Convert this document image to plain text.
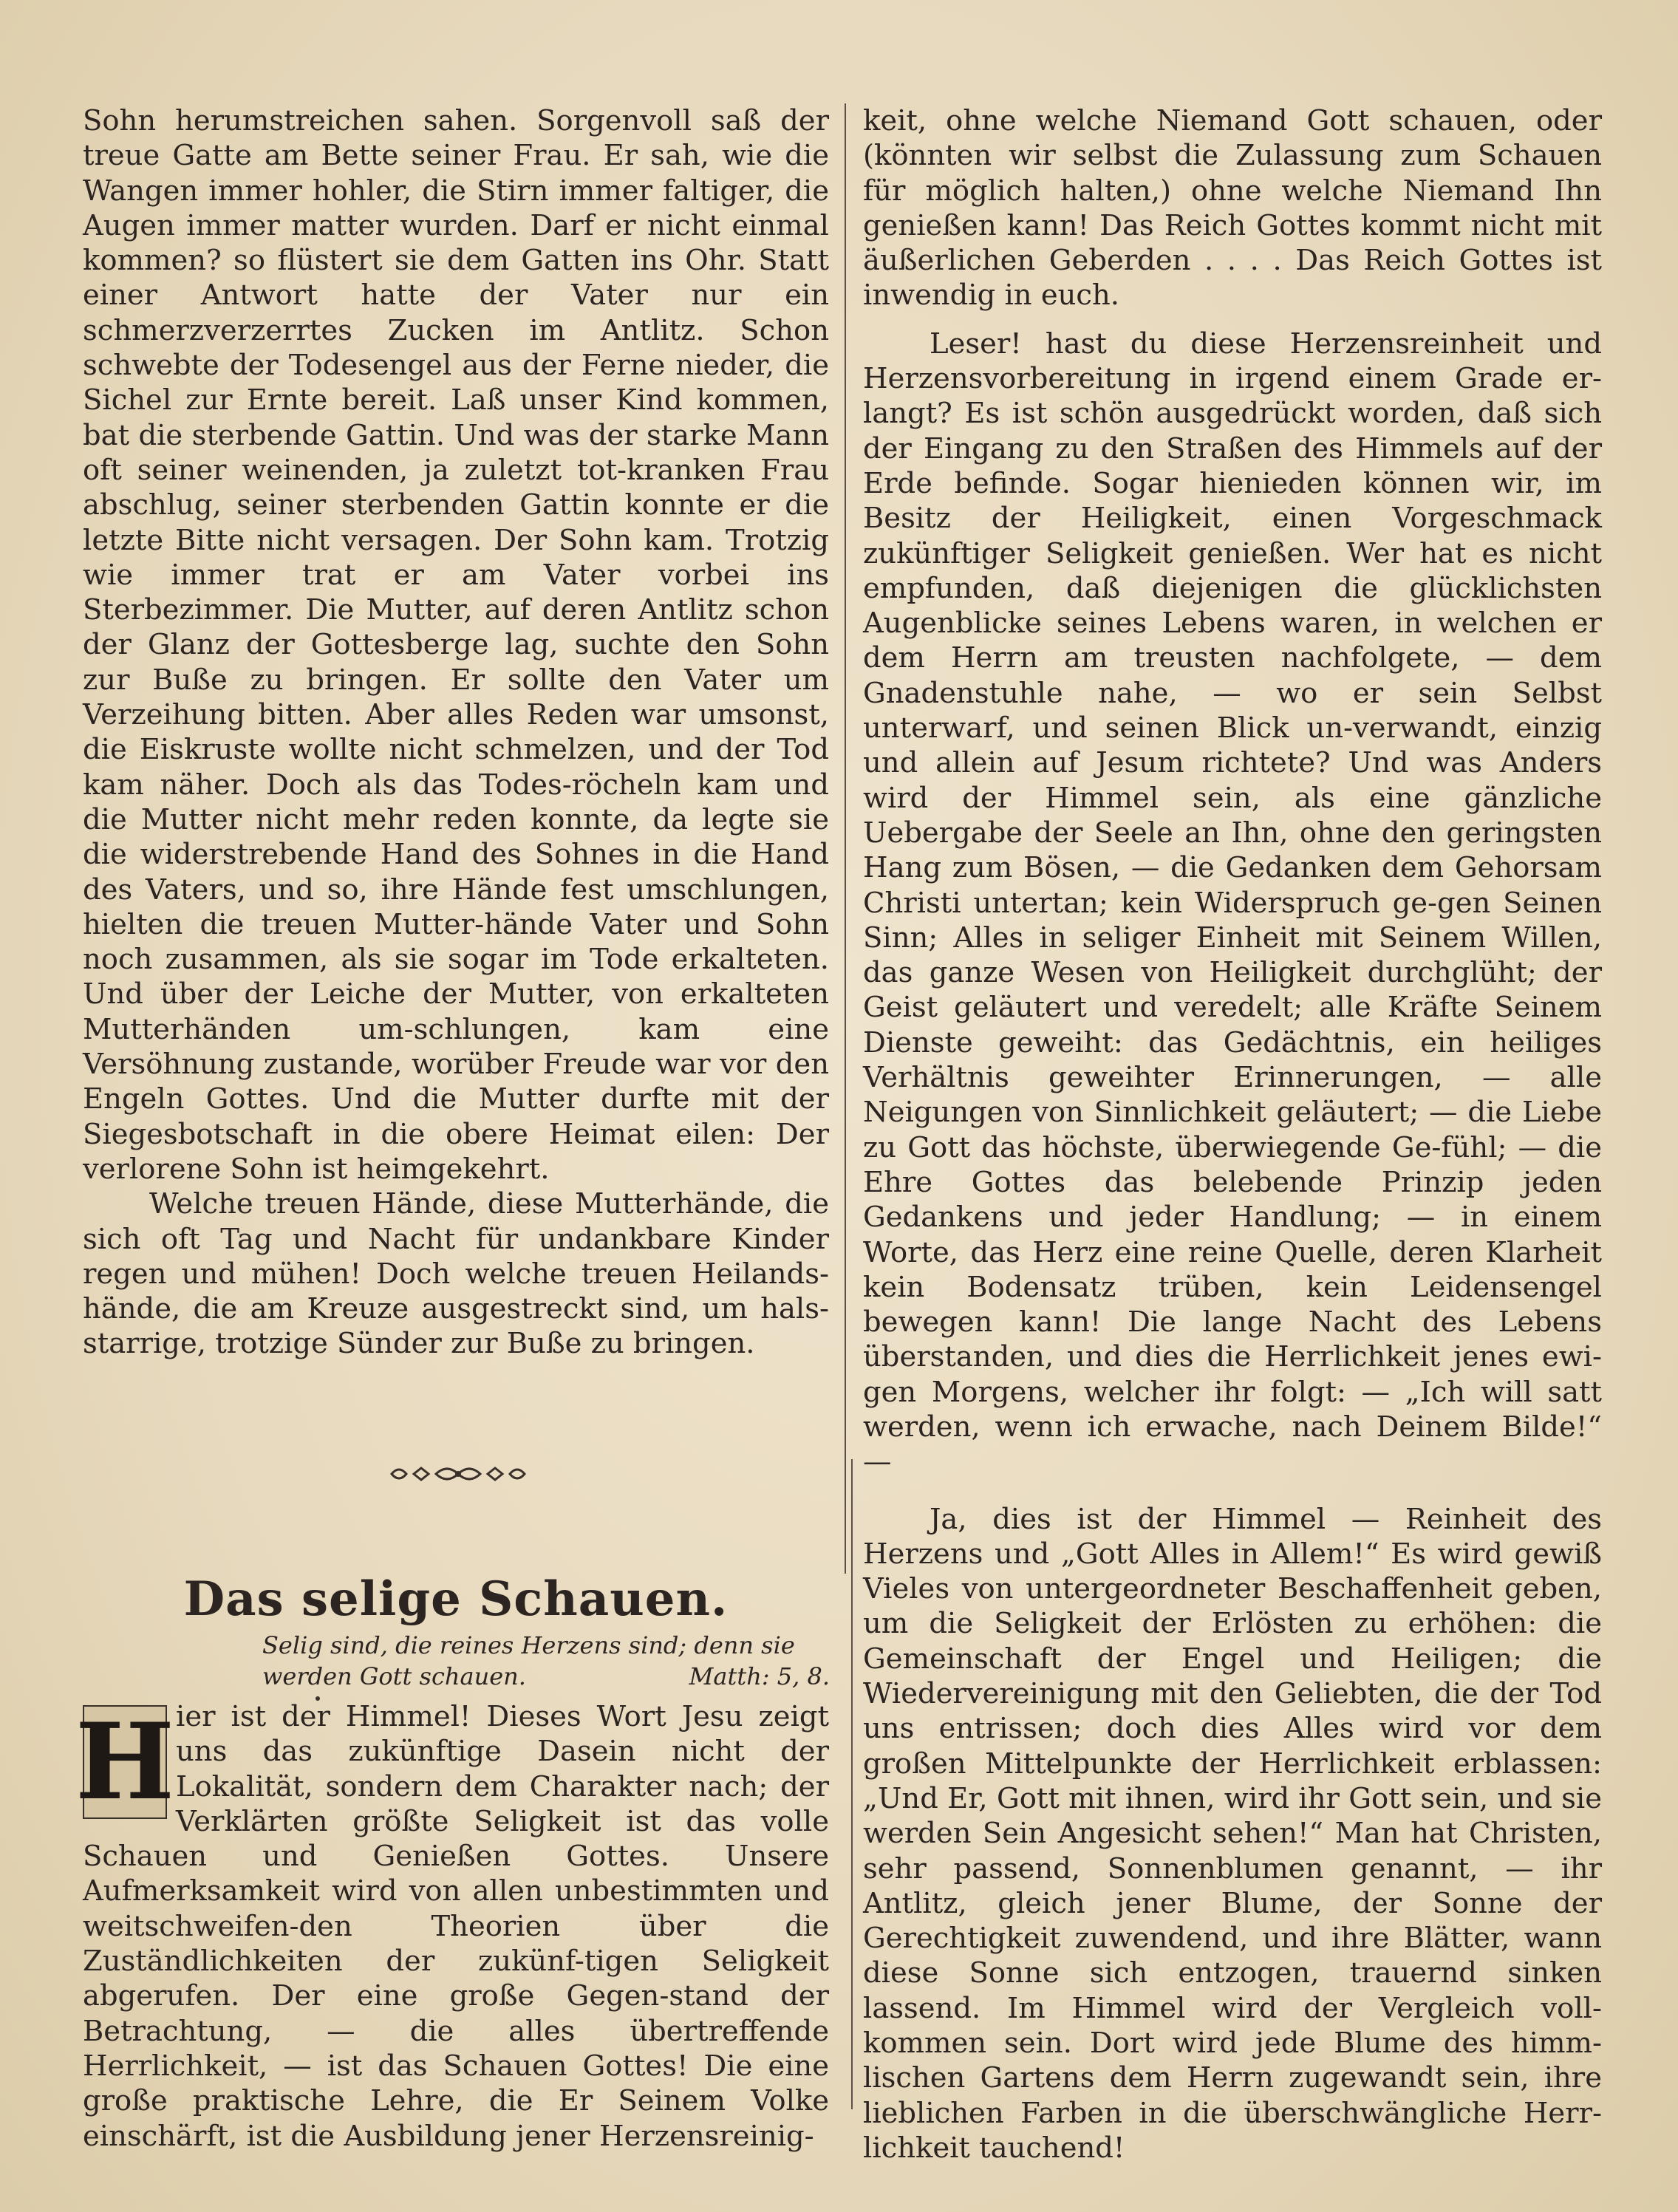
Sohn herumstreichen sahen. Sorgenvoll saß der treue Gatte am Bette seiner Frau. Er sah, wie die Wangen immer hohler, die Stirn immer faltiger, die Augen immer matter wurden. Darf er nicht einmal kommen? so flüstert sie dem Gatten ins Ohr. Statt einer Antwort hatte der Vater nur ein schmerzverzerrtes Zucken im Antlitz. Schon schwebte der Todesengel aus der Ferne nieder, die Sichel zur Ernte bereit. Laß unser Kind kommen, bat die sterbende Gattin. Und was der starke Mann oft seiner weinenden, ja zuletzt tot-kranken Frau abschlug, seiner sterbenden Gattin konnte er die letzte Bitte nicht versagen. Der Sohn kam. Trotzig wie immer trat er am Vater vorbei ins Sterbezimmer. Die Mutter, auf deren Antlitz schon der Glanz der Gottesberge lag, suchte den Sohn zur Buße zu bringen. Er sollte den Vater um Verzeihung bitten. Aber alles Reden war umsonst, die Eiskruste wollte nicht schmelzen, und der Tod kam näher. Doch als das Todes-röcheln kam und die Mutter nicht mehr reden konnte, da legte sie die widerstrebende Hand des Sohnes in die Hand des Vaters, und so, ihre Hände fest umschlungen, hielten die treuen Mutter-hände Vater und Sohn noch zusammen, als sie sogar im Tode erkalteten. Und über der Leiche der Mutter, von erkalteten Mutterhänden um-schlungen, kam eine Versöhnung zustande, worüber Freude war vor den Engeln Gottes. Und die Mutter durfte mit der Siegesbotschaft in die obere Heimat eilen: Der verlorene Sohn ist heimgekehrt.

Welche treuen Hände, diese Mutterhände, die sich oft Tag und Nacht für undankbare Kinder regen und mühen! Doch welche treuen Heilands-hände, die am Kreuze ausgestreckt sind, um hals-starrige, trotzige Sünder zur Buße zu bringen.

Das selige Schauen.
Selig sind, die reines Herzens sind; denn sie werden Gott schauen.	Matth: 5, 8.
H ier ist der Himmel! Dieses Wort Jesu zeigt uns das zukünftige Dasein nicht der Lokalität, sondern dem Charakter nach; der Verklärten größte Seligkeit ist das volle Schauen und Genießen Gottes. Unsere Aufmerksamkeit wird von allen unbestimmten und weitschweifen-den Theorien über die Zuständlichkeiten der zukünf-tigen Seligkeit abgerufen. Der eine große Gegen-stand der Betrachtung, — die alles übertreffende Herrlichkeit, — ist das Schauen Gottes! Die eine große praktische Lehre, die Er Seinem Volke einschärft, ist die Ausbildung jener Herzensreinig-

keit, ohne welche Niemand Gott schauen, oder (könnten wir selbst die Zulassung zum Schauen für möglich halten,) ohne welche Niemand Ihn genießen kann! Das Reich Gottes kommt nicht mit äußerlichen Geberden . . . . Das Reich Gottes ist inwendig in euch.

Leser! hast du diese Herzensreinheit und Herzensvorbereitung in irgend einem Grade er-langt? Es ist schön ausgedrückt worden, daß sich der Eingang zu den Straßen des Himmels auf der Erde befinde. Sogar hienieden können wir, im Besitz der Heiligkeit, einen Vorgeschmack zukünftiger Seligkeit genießen. Wer hat es nicht empfunden, daß diejenigen die glücklichsten Augenblicke seines Lebens waren, in welchen er dem Herrn am treusten nachfolgete, — dem Gnadenstuhle nahe, — wo er sein Selbst unterwarf, und seinen Blick un-verwandt, einzig und allein auf Jesum richtete? Und was Anders wird der Himmel sein, als eine gänzliche Uebergabe der Seele an Ihn, ohne den geringsten Hang zum Bösen, — die Gedanken dem Gehorsam Christi untertan; kein Widerspruch ge-gen Seinen Sinn; Alles in seliger Einheit mit Seinem Willen, das ganze Wesen von Heiligkeit durchglüht; der Geist geläutert und veredelt; alle Kräfte Seinem Dienste geweiht: das Gedächtnis, ein heiliges Verhältnis geweihter Erinnerungen, — alle Neigungen von Sinnlichkeit geläutert; — die Liebe zu Gott das höchste, überwiegende Ge-fühl; — die Ehre Gottes das belebende Prinzip jeden Gedankens und jeder Handlung; — in einem Worte, das Herz eine reine Quelle, deren Klarheit kein Bodensatz trüben, kein Leidensengel bewegen kann! Die lange Nacht des Lebens überstanden, und dies die Herrlichkeit jenes ewi-gen Morgens, welcher ihr folgt: — „Ich will satt werden, wenn ich erwache, nach Deinem Bilde!“ —

Ja, dies ist der Himmel — Reinheit des Herzens und „Gott Alles in Allem!“ Es wird gewiß Vieles von untergeordneter Beschaffenheit geben, um die Seligkeit der Erlösten zu erhöhen: die Gemeinschaft der Engel und Heiligen; die Wiedervereinigung mit den Geliebten, die der Tod uns entrissen; doch dies Alles wird vor dem großen Mittelpunkte der Herrlichkeit erblassen: „Und Er, Gott mit ihnen, wird ihr Gott sein, und sie werden Sein Angesicht sehen!“ Man hat Christen, sehr passend, Sonnenblumen genannt, — ihr Antlitz, gleich jener Blume, der Sonne der Gerechtigkeit zuwendend, und ihre Blätter, wann diese Sonne sich entzogen, trauernd sinken lassend. Im Himmel wird der Vergleich voll-kommen sein. Dort wird jede Blume des himm-lischen Gartens dem Herrn zugewandt sein, ihre lieblichen Farben in die überschwängliche Herr-lichkeit tauchend!
